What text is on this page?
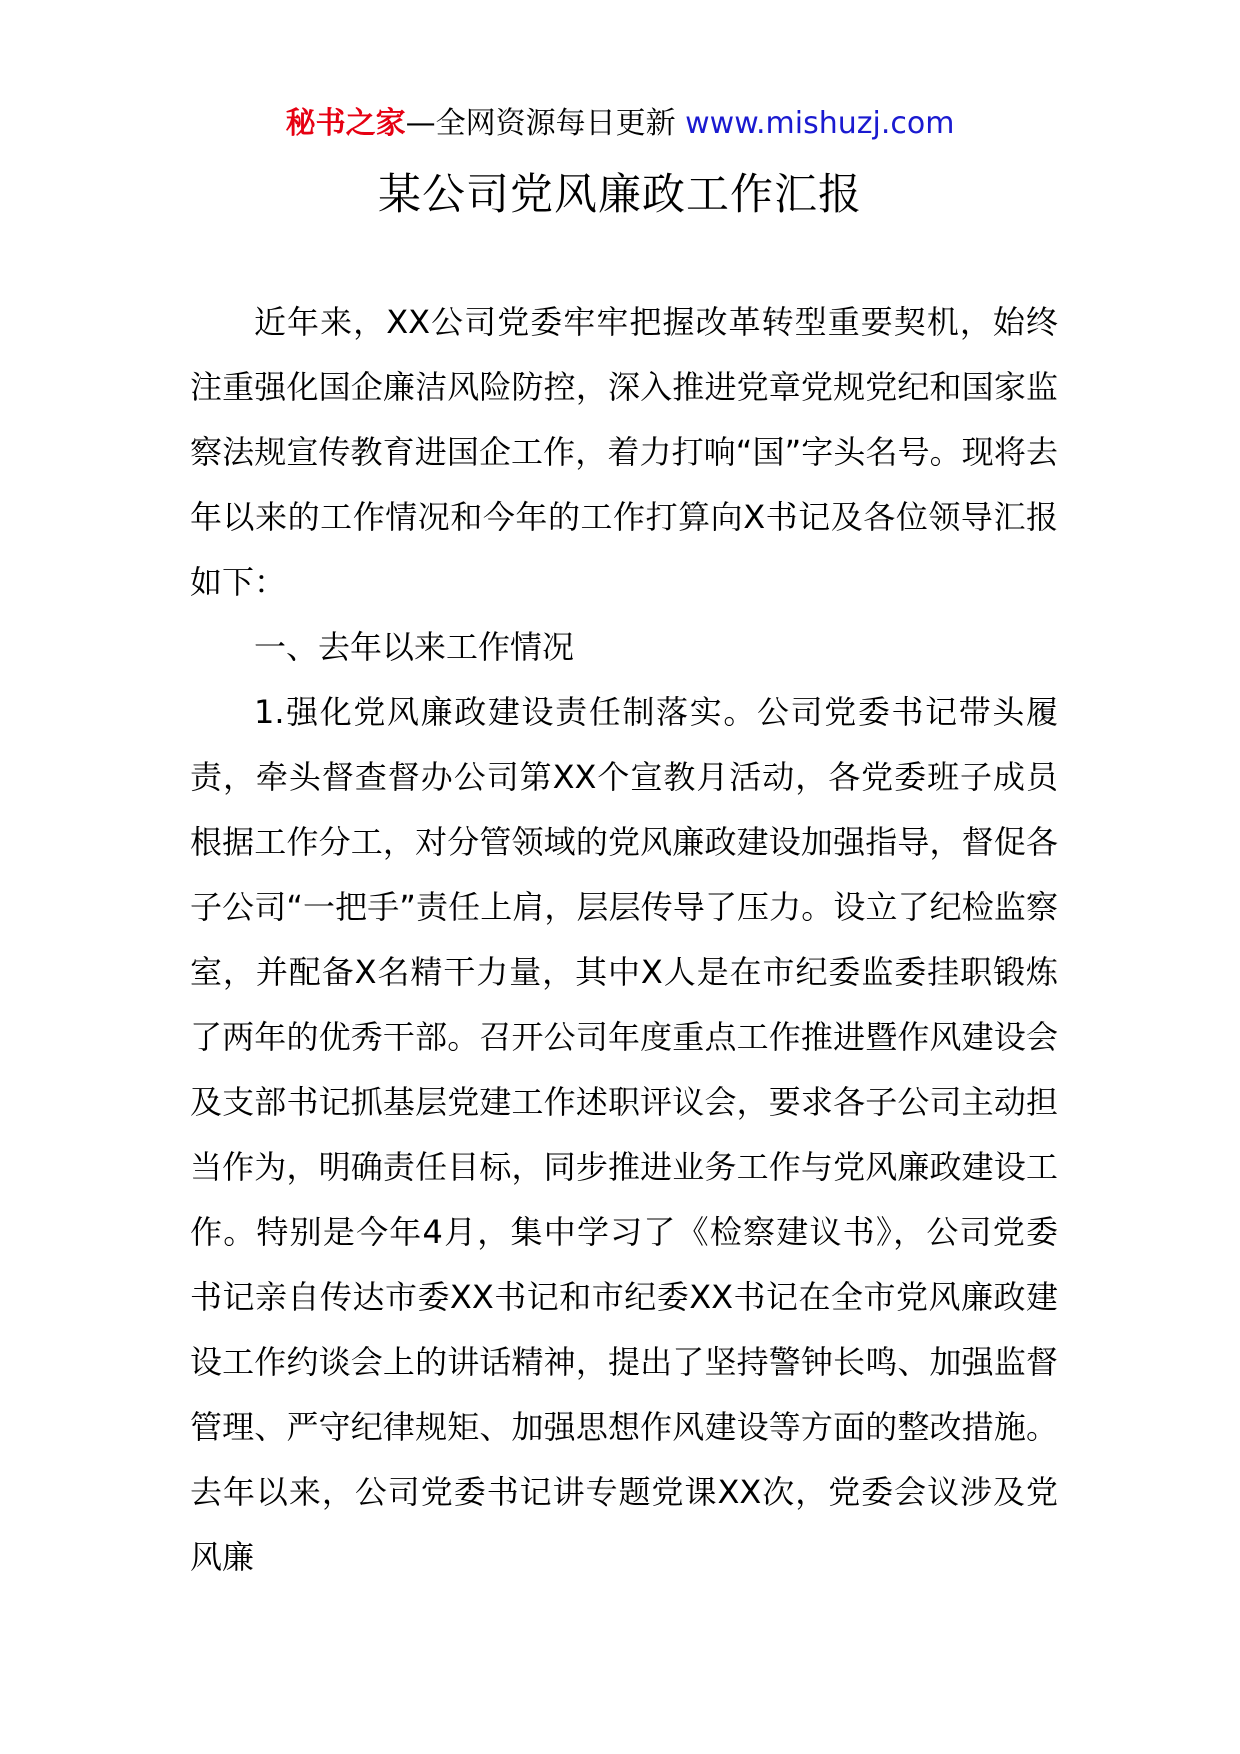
秘书之家—全网资源每日更新 www.mishuzj.com
某公司党风廉政工作汇报

近年来，XX公司党委牢牢把握改革转型重要契机，始终注重强化国企廉洁风险防控，深入推进党章党规党纪和国家监察法规宣传教育进国企工作，着力打响“国”字头名号。现将去年以来的工作情况和今年的工作打算向X书记及各位领导汇报如下：

一、去年以来工作情况

1.强化党风廉政建设责任制落实。公司党委书记带头履责，牵头督查督办公司第XX个宣教月活动，各党委班子成员根据工作分工，对分管领域的党风廉政建设加强指导，督促各子公司“一把手”责任上肩，层层传导了压力。设立了纪检监察室，并配备X名精干力量，其中X人是在市纪委监委挂职锻炼了两年的优秀干部。召开公司年度重点工作推进暨作风建设会及支部书记抓基层党建工作述职评议会，要求各子公司主动担当作为，明确责任目标，同步推进业务工作与党风廉政建设工作。特别是今年4月，集中学习了《检察建议书》，公司党委书记亲自传达市委XX书记和市纪委XX书记在全市党风廉政建设工作约谈会上的讲话精神，提出了坚持警钟长鸣、加强监督管理、严守纪律规矩、加强思想作风建设等方面的整改措施。去年以来，公司党委书记讲专题党课XX次，党委会议涉及党风廉
